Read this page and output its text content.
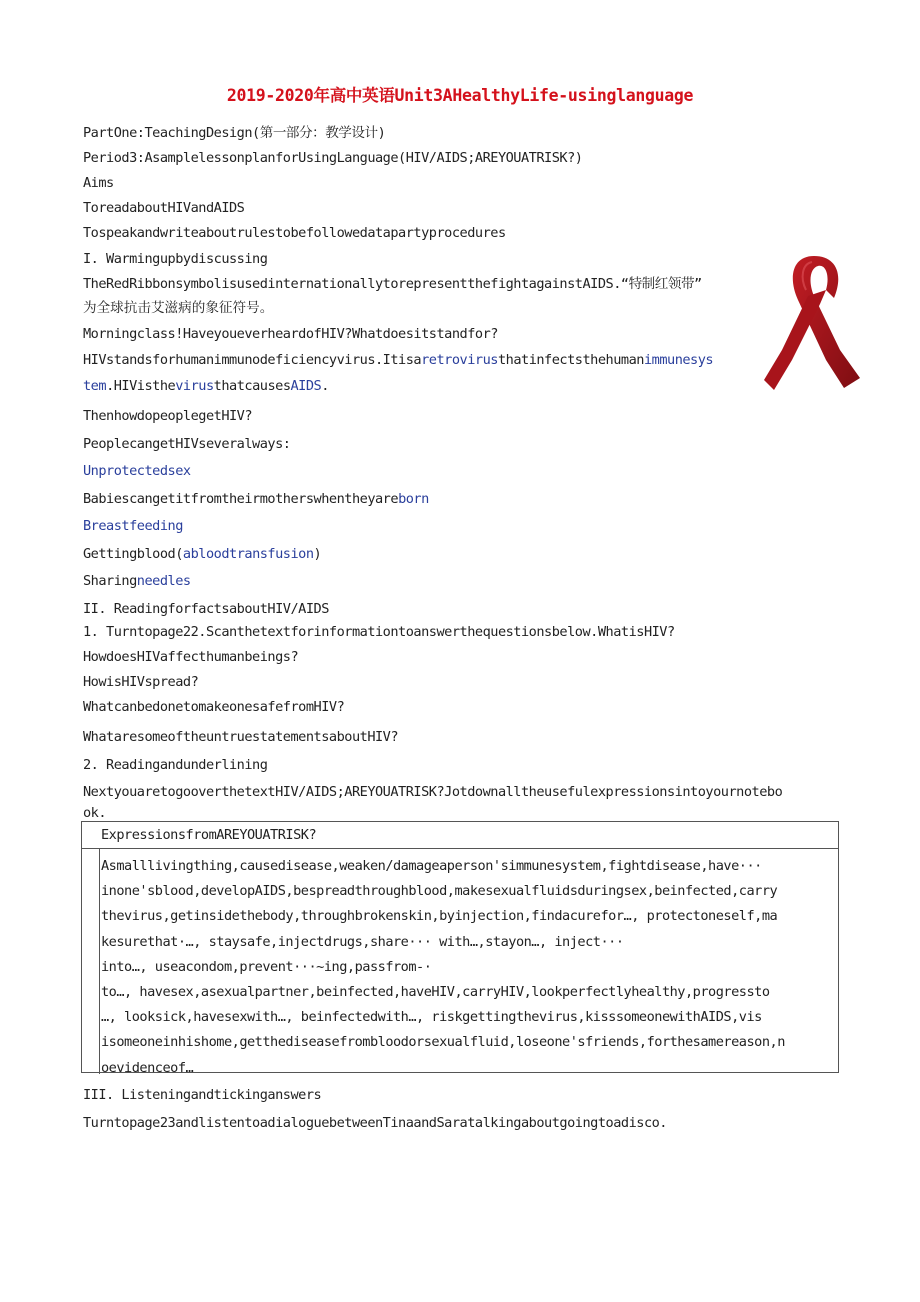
2019-2020年高中英语Unit3AHealthyLife-usinglanguage
PartOne:TeachingDesign(第一部分：教学设计)
Period3:AsamplelessonplanforUsingLanguage(HIV/AIDS;AREYOUATRISK?)
Aims
ToreadaboutHIVandAIDS
Tospeakandwriteaboutrulestobefollowedatapartyprocedures
I. Warmingupbydiscussing
TheRedRibbonsymbolisusedinternationallytorepresentthefightagainstAIDS.“特制红领带”
为全球抗击艾滋病的象征符号。
Morningclass!HaveyoueverheardofHIV?Whatdoesitstandfor?
HIVstandsforhumanimmunodeficiencyvirus.Itisaretrovirusthatinfectsthehumanimmunesys
tem.HIVisthevirusthatcausesAIDS.
ThenhowdopeoplegetHIV?
PeoplecangetHIVseveralways:
Unprotectedsex
Babiescangetitfromtheirmotherswhentheyareborn
Breastfeeding
Gettingblood(abloodtransfusion)
Sharingneedles
II. ReadingforfactsaboutHIV/AIDS
1. Turntopage22.Scanthetextforinformationtoanswerthequestionsbelow.WhatisHIV?
HowdoesHIVaffecthumanbeings?
HowisHIVspread?
WhatcanbedonetomakeonesafefromHIV?
WhataresomeoftheuntruestatementsaboutHIV?
2. Readingandunderlining
NextyouaretogooverthetextHIV/AIDS;AREYOUATRISK?Jotdownalltheusefulexpressionsintoyournotebo
ok.
ExpressionsfromAREYOUATRISK?
Asmalllivingthing,causedisease,weaken/damageaperson'simmunesystem,fightdisease,have···
inone'sblood,developAIDS,bespreadthroughblood,makesexualfluidsduringsex,beinfected,carry
thevirus,getinsidethebody,throughbrokenskin,byinjection,findacurefor…, protectoneself,ma
kesurethat·…, staysafe,injectdrugs,share··· with…,stayon…, inject···
into…, useacondom,prevent···~ing,passfrom-·
to…, havesex,asexualpartner,beinfected,haveHIV,carryHIV,lookperfectlyhealthy,progressto
…, looksick,havesexwith…, beinfectedwith…, riskgettingthevirus,kisssomeonewithAIDS,vis
isomeoneinhishome,getthediseasefrombloodorsexualfluid,loseone'sfriends,forthesamereason,n
oevidenceof…
III. Listeningandtickinganswers
Turntopage23andlistentoadialoguebetweenTinaandSaratalkingaboutgoingtoadisco.
